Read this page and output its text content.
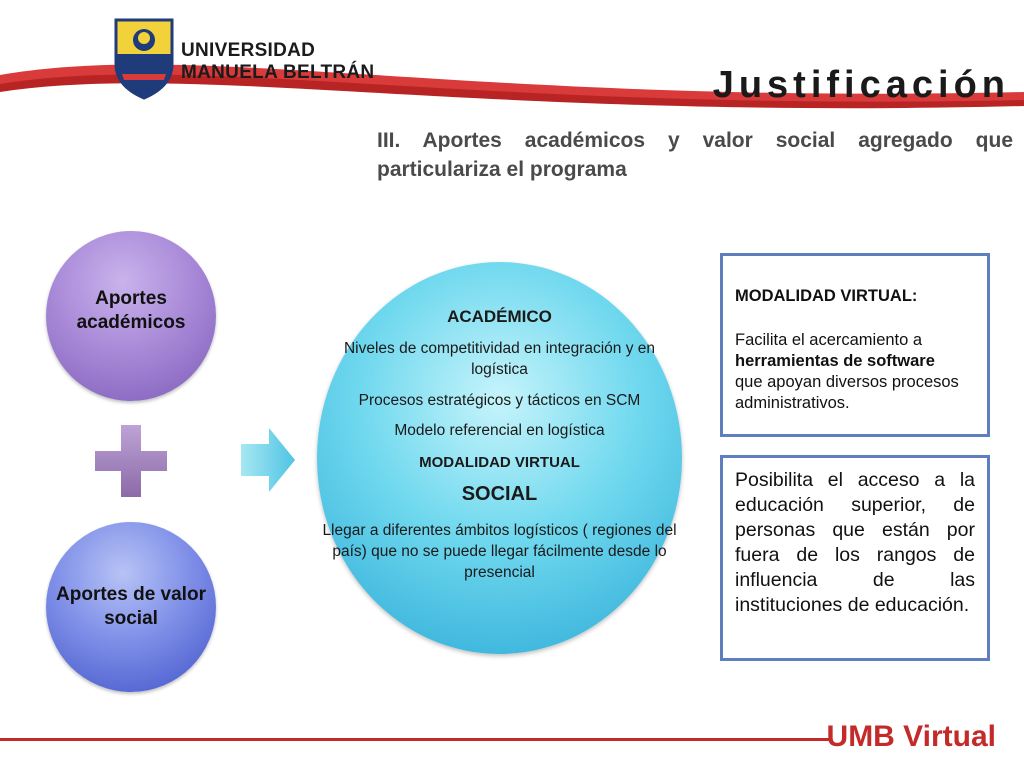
UMB
UNIVERSIDAD
MANUELA BELTRÁN	Justificación
III. Aportes académicos y valor social agregado que particulariza el programa
Aportes académicos
Aportes de valor social
ACADÉMICO
Niveles de competitividad en integración y en logística
Procesos estratégicos y tácticos en SCM
Modelo referencial en logística
MODALIDAD VIRTUAL
SOCIAL
Llegar a diferentes ámbitos logísticos ( regiones del país) que no se puede llegar fácilmente desde lo presencial
MODALIDAD VIRTUAL:
Facilita el acercamiento a
herramientas de software
que apoyan diversos procesos administrativos.
Posibilita el acceso a la educación superior, de personas que están por fuera de los rangos de influencia de las instituciones de educación.
UMB Virtual
